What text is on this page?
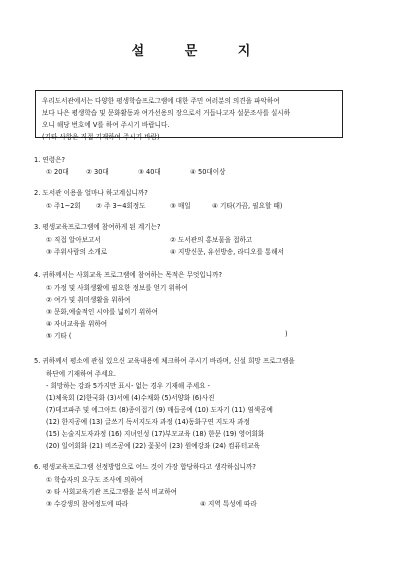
설 문 지
우리도서관에서는 다양한 평생학습프로그램에 대한 주민 여러분의 의견을 파악하여
보다 나은 평생학습 및 문화활동과 여가선용의 장으로서 거듭나고자 설문조사를 실시하
오니 해당 번호에 V를 하여 주시기 바랍니다.
(기타 사항은 직접 기재하여 주시기 바람)
1. 연령은?
① 20대	② 30대	③ 40대	④ 50대이상
2. 도서관 이용을 얼마나 하고계십니까?
① 주1~2회 ② 주 3~4회정도	③ 매일	④ 기타(가끔, 필요할 때)
3. 평생교육프로그램에 참여하게 된 계기는?
① 직접 알아보고서	② 도서관의 홍보물을 접하고
③ 주위사람의 소개로	④ 지방신문, 유선방송, 라디오를 통해서
4. 귀하께서는 사회교육 프로그램에 참여하는 목적은 무엇입니까?
① 가정 및 사회생활에 필요한 정보를 얻기 위하여
② 여가 및 취미생활을 위하여
③ 문화,예술적인 시야를 넓히기 위하여
④ 자녀교육을 위하여
⑤ 기타 (	)
5. 귀하께서 평소에 관심 있으신 교육내용에 체크하여 주시기 바라며, 신설 희망 프로그램을
하단에 기재하여 주세요.
- 희망하는 강좌 5가지만 표시- 없는 경우 기재해 주세요 -
(1)체육회 (2)한국화 (3)서예 (4)수채화 (5)서양화 (6)사진
(7)데코파주 및 에그아트 (8)종이접기 (9) 매듭공예 (10) 도자기 (11) 염색공예
(12) 한지공예 (13) 글쓰기 독서지도자 과정 (14)동화구연 지도자 과정
(15) 논술지도자과정 (16) 지녀인성 (17)부모교육 (18) 한문 (19) 영어회화
(20) 일어회화 (21) 비즈공예 (22) 꽃꽂이 (23) 원예강좌 (24) 컴퓨터교육
6. 평생교육프로그램 선정방법으로 어느 것이 가장 합당하다고 생각하십니까?
① 학습자의 요구도 조사에 의하여
② 타 사회교육기관 프로그램을 분석 비교하여
③ 수강생의 참여정도에 따라	④ 지역 특성에 따라
